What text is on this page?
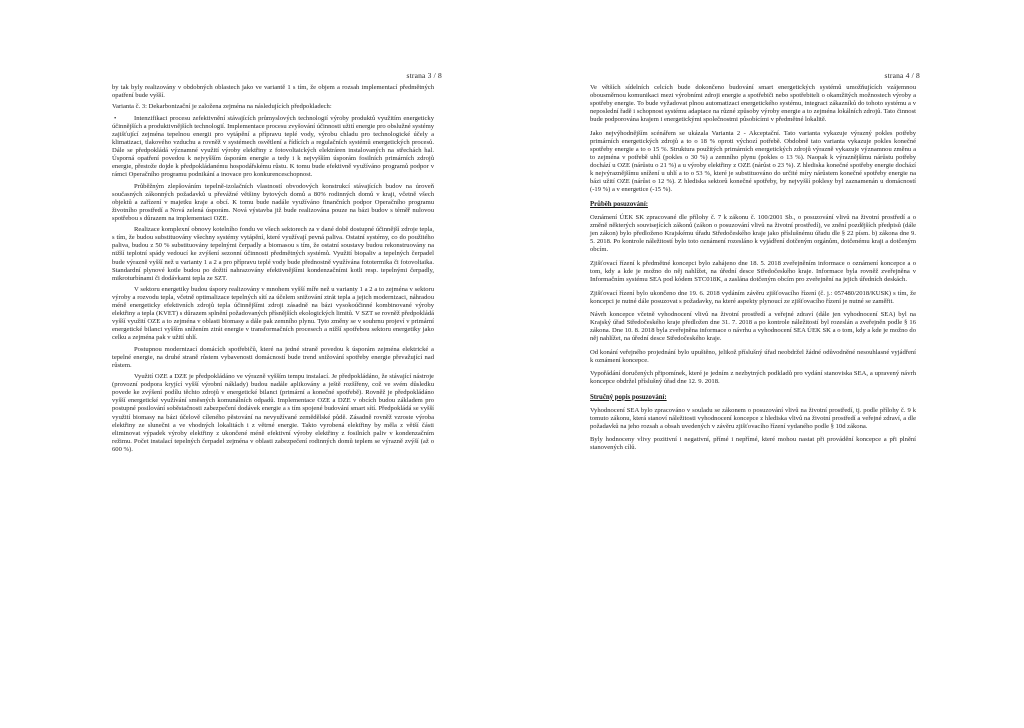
strana 3 / 8

by tak byly realizovány v obdobných oblastech jako ve variantě 1 s tím, že objem a rozsah implementací předmětných opatření bude vyšší.

Varianta č. 3: Dekarbonizační je založena zejména na následujících předpokladech:

•	Intenzifikaci procesu zefektivnění stávajících průmyslových technologií výroby produktů využitím energeticky účinnějších a produktivnějších technologií. Implementace procesu zvyšování účinnosti užití energie pro obslužné systémy zajišťující zejména tepelnou energii pro vytápění a přípravu teplé vody, výrobu chladu pro technologické účely a klimatizaci, tlakového vzduchu a rovněž v systémech osvětlení a řídících a regulačních systémů energetických procesů. Dále se předpokládá významné využití výroby elektřiny z fotovoltaických elektráren instalovaných na střechách hal. Úsporná opatření povedou k nejvyšším úsporám energie a tedy i k nejvyšším úsporám fosilních primárních zdrojů energie, přestože dojde k předpokládanému hospodářskému růstu. K tomu bude efektivně využíváno programů podpor v rámci Operačního programu podnikání a inovace pro konkurenceschopnost.

Průběžným zlepšováním tepelně-izolačních vlastností obvodových konstrukcí stávajících budov na úroveň současných zákonných požadavků u převážné většiny bytových domů a 80% rodinných domů v kraji, včetně všech objektů a zařízení v majetku kraje a obcí. K tomu bude nadále využíváno finančních podpor Operačního programu životního prostředí a Nová zelená úsporám. Nová výstavba již bude realizována pouze na bázi budov s téměř nulovou spotřebou s důrazem na implementaci OZE.

Realizace komplexní obnovy kotelního fondu ve všech sektorech za v dané době dostupné účinnější zdroje tepla, s tím, že budou substituovány všechny systémy vytápění, které využívají pevná paliva. Ostatní systémy, co do použitého paliva, budou z 50 % substituovány tepelnými čerpadly a biomasou s tím, že ostatní soustavy budou rekonstruovány na nižší teplotní spády vedoucí ke zvýšení sezonní účinnosti předmětných systémů. Využití biopaliv a tepelných čerpadel bude výrazně vyšší než u varianty 1 a 2 a pro přípravu teplé vody bude přednostně využívána fototermika či fotovoltaika. Standardní plynové kotle budou po dožití nahrazovány efektivnějšími kondenzačními kotli resp. tepelnými čerpadly, mikroturbínami či dodávkami tepla ze SZT.

V sektoru energetiky budou úspory realizovány v mnohem vyšší míře než u varianty 1 a 2 a to zejména v sektoru výroby a rozvodu tepla, včetně optimalizace tepelných sítí za účelem snižování ztrát tepla a jejich modernizaci, náhradou méně energeticky efektivních zdrojů tepla účinnějšími zdroji zásadně na bázi vysokoúčinné kombinované výroby elektřiny a tepla (KVET) s důrazem splnění požadovaných přísnějších ekologických limitů. V SZT se rovněž předpokládá vyšší využití OZE a to zejména v oblasti biomasy a dále pak zemního plynu. Tyto změny se v souhrnu projeví v primární energetické bilanci vyšším snížením ztrát energie v transformačních procesech a nižší spotřebou sektoru energetiky jako celku a zejména pak v užití uhlí.

Postupnou modernizací domácích spotřebičů, které na jedné straně povedou k úsporám zejména elektrické a tepelné energie, na druhé straně růstem vybavenosti domácností bude trend snižování spotřeby energie převažující nad růstem.

Využití OZE a DZE je předpokládáno ve výrazně vyšším tempu instalací. Je předpokládáno, že stávající nástroje (provozní podpora kryjící vyšší výrobní náklady) budou nadále aplikovány a ještě rozšířeny, což ve svém důsledku povede ke zvýšení podílu těchto zdrojů v energetické bilanci (primární a konečné spotřebě). Rovněž je předpokládáno vyšší energetické využívání směsných komunálních odpadů. Implementace OZE a DZE v obcích budou základem pro postupné posilování soběstačnosti zabezpečení dodávek energie a s tím spojené budování smart sítí. Předpokládá se vyšší využití biomasy na bázi účelově cíleného pěstování na nevyužívané zemědělské půdě. Zásadně rovněž vzroste výroba elektřiny ze slunečni a ve vhodných lokalitách i z větrné energie. Takto vyrobená elektřiny by měla z větší části eliminovat výpadek výroby elektřiny z ukončené méně efektivní výroby elektřiny z fosilních paliv v kondenzačním režimu. Počet instalací tepelných čerpadel zejména v oblasti zabezpečení rodinných domů teplem se výrazně zvýší (až o 600 %).

strana 4 / 8

Ve větších sídelních celcích bude dokončeno budování smart energetických systémů umožňujících vzájemnou obousměrnou komunikaci mezi výrobními zdroji energie a spotřebiči nebo spotřebiteli o okamžitých možnostech výroby a spotřeby energie. To bude vyžadovat plnou automatizaci energetického systému, integraci zákazníků do tohoto systému a v neposlední řadě i schopnost systému adaptace na různé způsoby výroby energie a to zejména lokálních zdrojů. Tato činnost bude podporována krajem i energetickými společnostmi působícími v předmětné lokalitě.

Jako nejvýhodnějším scénářem se ukázala Varianta 2 - Akceptační. Tato varianta vykazuje výrazný pokles potřeby primárních energetických zdrojů a to o 18 % oproti výchozí potřebě. Obdobně tato varianta vykazuje pokles konečné spotřeby energie a to o 15 %. Struktura použitých primárních energetických zdrojů výrazně vykazuje významnou změnu a to zejména v potřebě uhlí (pokles o 30 %) a zemního plynu (pokles o 13 %). Naopak k výraznějšímu nárůstu potřeby dochází u OZE (nárůstu o 21 %) a u výroby elektřiny z OZE (nárůst o 23 %). Z hlediska konečné spotřeby energie dochází k nejvýraznějšímu snížení u uhlí a to o 53 %, které je substituováno do určité míry nárůstem konečné spotřeby energie na bázi užití OZE (nárůst o 12 %). Z hlediska sektorů konečné spotřeby, by nejvyšší poklesy byl zaznamenán u domácností (-19 %) a v energetice (-15 %).

Průběh posuzování:

Oznámení ÚEK SK zpracované dle přílohy č. 7 k zákonu č. 100/2001 Sb., o posuzování vlivů na životní prostředí a o změně některých souvisejících zákonů (zákon o posuzování vlivů na životní prostředí), ve znění pozdějších předpisů (dále jen zákon) bylo předloženo Krajskému úřadu Středočeského kraje jako příslušnému úřadu dle § 22 písm. b) zákona dne 9. 5. 2018. Po kontrole náležitostí bylo toto oznámení rozesláno k vyjádření dotčeným orgánům, dotčenému kraji a dotčeným obcím.

Zjišťovací řízení k předmětné koncepci bylo zahájeno dne 18. 5. 2018 zveřejněním informace o oznámení koncepce a o tom, kdy a kde je možno do něj nahlížet, na úřední desce Středočeského kraje. Informace byla rovněž zveřejněna v Informačním systému SEA pod kódem STC018K, a zaslána dotčeným obcím pro zveřejnění na jejich úředních deskách.

Zjišťovací řízení bylo ukončeno dne 19. 6. 2018 vydáním závěru zjišťovacího řízení (č. j.: 057480/2018/KUSK) s tím, že koncepci je nutné dále posuzovat s požadavky, na které aspekty plynoucí ze zjišťovacího řízení je nutné se zaměřit.

Návrh koncepce včetně vyhodnocení vlivů na životní prostředí a veřejné zdraví (dále jen vyhodnocení SEA) byl na Krajský úřad Středočeského kraje předložen dne 31. 7. 2018 a po kontrole náležitostí byl rozeslán a zveřejněn podle § 16 zákona. Dne 10. 8. 2018 byla zveřejněna informace o návrhu a vyhodnocení SEA ÚEK SK a o tom, kdy a kde je možno do něj nahlížet, na úřední desce Středočeského kraje.

Od konání veřejného projednání bylo upuštěno, jelikož příslušný úřad neobdržel žádné odůvodněné nesouhlasné vyjádření k oznámení koncepce.

Vypořádání doručených připomínek, které je jedním z nezbytných podkladů pro vydání stanoviska SEA, a upravený návrh koncepce obdržel příslušný úřad dne 12. 9. 2018.

Stručný popis posuzování:

Vyhodnocení SEA bylo zpracováno v souladu se zákonem o posuzování vlivů na životní prostředí, tj. podle přílohy č. 9 k tomuto zákonu, která stanoví náležitosti vyhodnocení koncepce z hlediska vlivů na životní prostředí a veřejné zdraví, a dle požadavků na jeho rozsah a obsah uvedených v závěru zjišťovacího řízení vydaného podle § 10d zákona.

Byly hodnoceny vlivy pozitivní i negativní, přímé i nepřímé, které mohou nastat při provádění koncepce a při plnění stanovených cílů.
